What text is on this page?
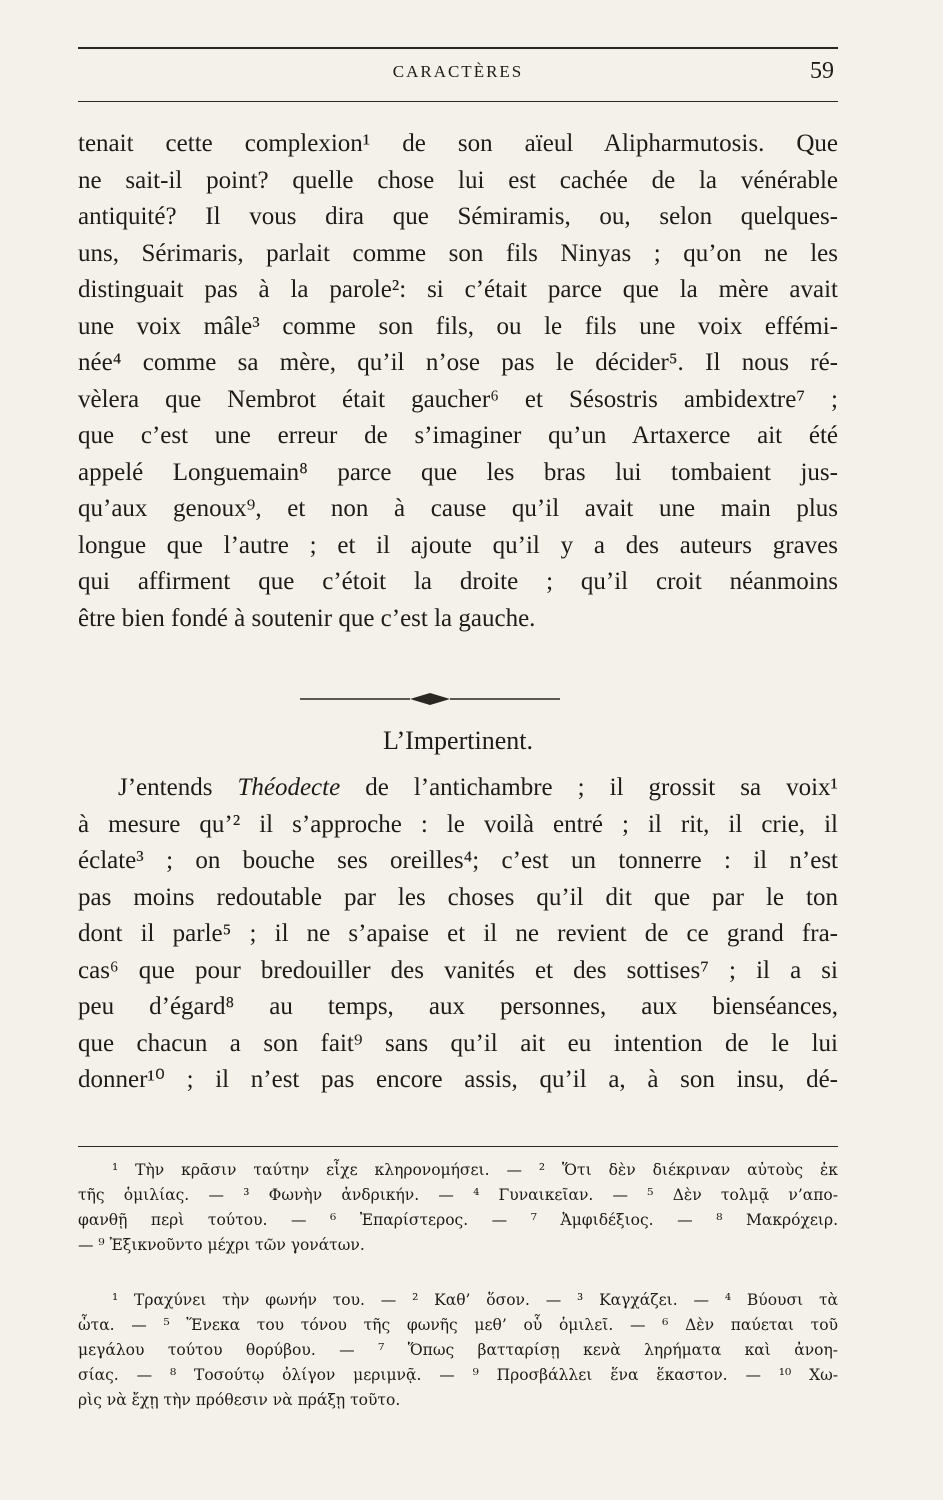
CARACTÈRES	59
tenait cette complexion¹ de son aïeul Alipharmutosis. Que
ne sait-il point? quelle chose lui est cachée de la vénérable
antiquité? Il vous dira que Sémiramis, ou, selon quelques-
uns, Sérimaris, parlait comme son fils Ninyas ; qu’on ne les
distinguait pas à la parole²: si c’était parce que la mère avait
une voix mâle³ comme son fils, ou le fils une voix effémi-
née⁴ comme sa mère, qu’il n’ose pas le décider⁵. Il nous ré-
vèlera que Nembrot était gaucher⁶ et Sésostris ambidextre⁷ ;
que c’est une erreur de s’imaginer qu’un Artaxerce ait été
appelé Longuemain⁸ parce que les bras lui tombaient jus-
qu’aux genoux⁹, et non à cause qu’il avait une main plus
longue que l’autre ; et il ajoute qu’il y a des auteurs graves
qui affirment que c’étoit la droite ; qu’il croit néanmoins
être bien fondé à soutenir que c’est la gauche.
L’Impertinent.
J’entends Théodecte de l’antichambre ; il grossit sa voix¹
à mesure qu’² il s’approche : le voilà entré ; il rit, il crie, il
éclate³ ; on bouche ses oreilles⁴; c’est un tonnerre : il n’est
pas moins redoutable par les choses qu’il dit que par le ton
dont il parle⁵ ; il ne s’apaise et il ne revient de ce grand fra-
cas⁶ que pour bredouiller des vanités et des sottises⁷ ; il a si
peu d’égard⁸ au temps, aux personnes, aux bienséances,
que chacun a son fait⁹ sans qu’il ait eu intention de le lui
donner¹⁰ ; il n’est pas encore assis, qu’il a, à son insu, dé-
¹ Τὴν κρᾶσιν ταύτην εἶχε κληρονομήσει. — ² Ὅτι δὲν διέκριναν αὐτοὺς ἐκ
τῆς ὁμιλίας. — ³ Φωνὴν ἀνδρικήν. — ⁴ Γυναικεῖαν. — ⁵ Δὲν τολμᾷ ν’απο-
φανθῇ περὶ τούτου. — ⁶ Ἐπαρίστερος. — ⁷ Ἀμφιδέξιος. — ⁸ Μακρόχειρ.
— ⁹ Ἐξικνοῦντο μέχρι τῶν γονάτων.
¹ Τραχύνει τὴν φωνήν του. — ² Καθ’ ὅσον. — ³ Καγχάζει. — ⁴ Βύουσι τὰ
ὦτα. — ⁵ Ἕνεκα του τόνου τῆς φωνῆς μεθ’ οὗ ὁμιλεῖ. — ⁶ Δὲν παύεται τοῦ
μεγάλου τούτου θορύβου. — ⁷ Ὅπως βατταρίσῃ κενὰ ληρήματα καὶ ἀνοη-
σίας. — ⁸ Τοσούτῳ ὀλίγον μεριμνᾷ. — ⁹ Προσβάλλει ἕνα ἕκαστον. — ¹⁰ Χω-
ρὶς νὰ ἔχῃ τὴν πρόθεσιν νὰ πράξῃ τοῦτο.
